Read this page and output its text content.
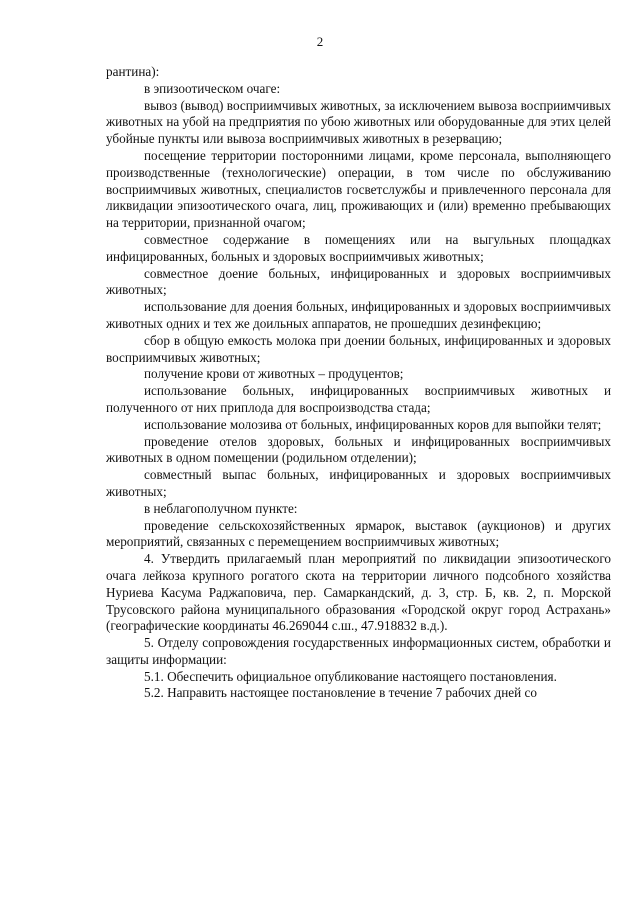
2

рантина):

в эпизоотическом очаге:

вывоз (вывод) восприимчивых животных, за исключением вывоза восприимчивых животных на убой на предприятия по убою животных или оборудованные для этих целей убойные пункты или вывоза восприимчивых животных в резервацию;

посещение территории посторонними лицами, кроме персонала, выполняющего производственные (технологические) операции, в том числе по обслуживанию восприимчивых животных, специалистов госветслужбы и привлеченного персонала для ликвидации эпизоотического очага, лиц, проживающих и (или) временно пребывающих на территории, признанной очагом;

совместное содержание в помещениях или на выгульных площадках инфицированных, больных и здоровых восприимчивых животных;

совместное доение больных, инфицированных и здоровых восприимчивых животных;

использование для доения больных, инфицированных и здоровых восприимчивых животных одних и тех же доильных аппаратов, не прошедших дезинфекцию;

сбор в общую емкость молока при доении больных, инфицированных и здоровых восприимчивых животных;

получение крови от животных – продуцентов;

использование больных, инфицированных восприимчивых животных и полученного от них приплода для воспроизводства стада;

использование молозива от больных, инфицированных коров для выпойки телят;

проведение отелов здоровых, больных и инфицированных восприимчивых животных в одном помещении (родильном отделении);

совместный выпас больных, инфицированных и здоровых восприимчивых животных;

в неблагополучном пункте:

проведение сельскохозяйственных ярмарок, выставок (аукционов) и других мероприятий, связанных с перемещением восприимчивых животных;

4. Утвердить прилагаемый план мероприятий по ликвидации эпизоотического очага лейкоза крупного рогатого скота на территории личного подсобного хозяйства Нуриева Касума Раджаповича, пер. Самаркандский, д. 3, стр. Б, кв. 2, п. Морской Трусовского района муниципального образования «Городской округ город Астрахань» (географические координаты 46.269044 с.ш., 47.918832 в.д.).

5. Отделу сопровождения государственных информационных систем, обработки и защиты информации:

5.1. Обеспечить официальное опубликование настоящего постановления.

5.2. Направить настоящее постановление в течение 7 рабочих дней со
